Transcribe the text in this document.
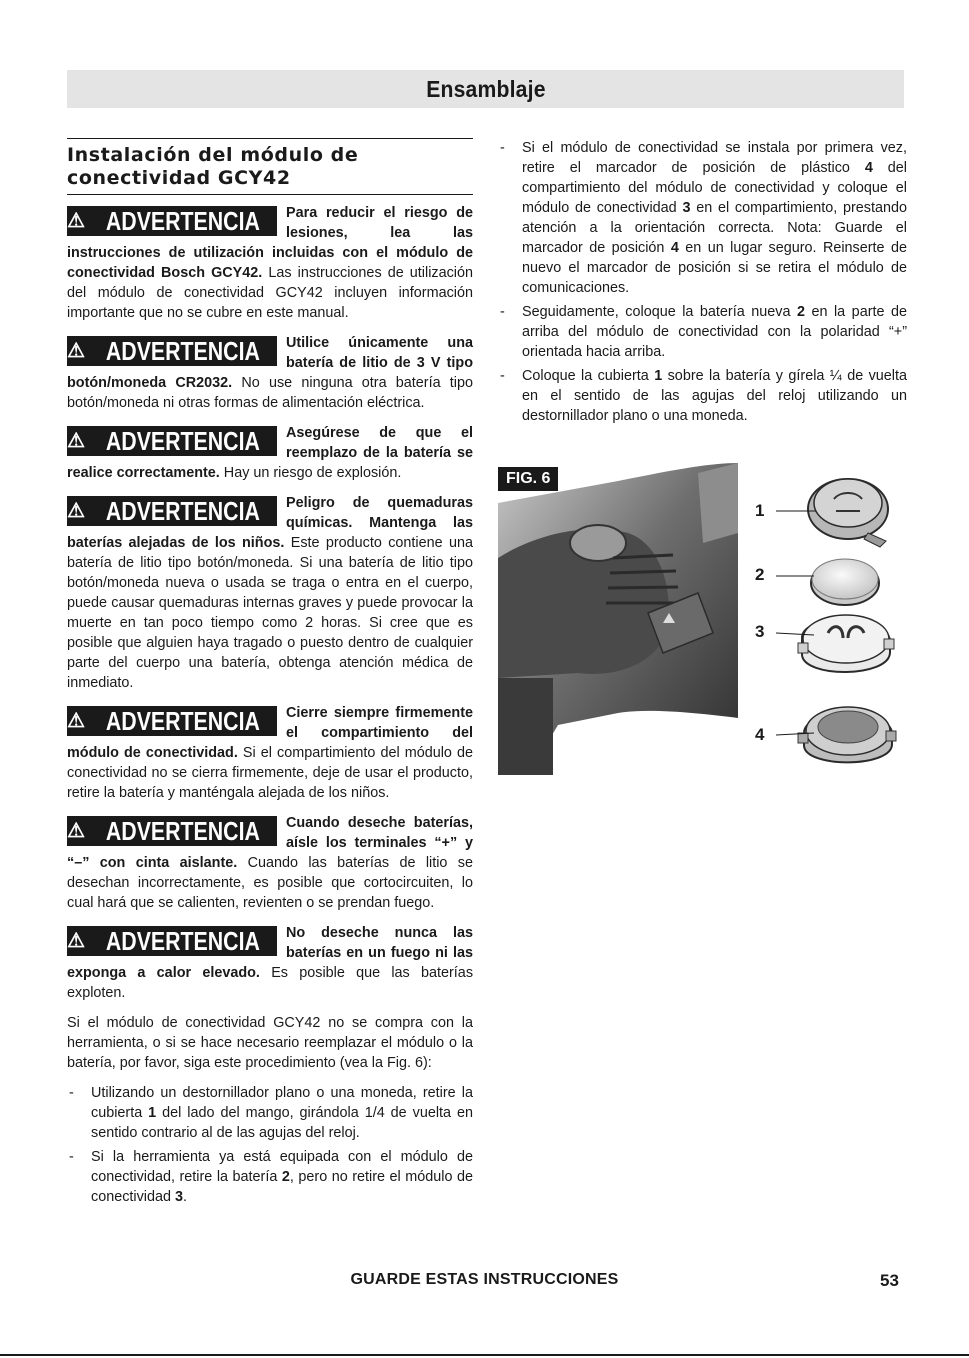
Ensamblaje
Instalación del módulo de conectividad GCY42

⚠ ADVERTENCIA Para reducir el riesgo de lesiones, lea las instrucciones de utilización incluidas con el módulo de conectividad Bosch GCY42. Las instrucciones de utilización del módulo de conectividad GCY42 incluyen información importante que no se cubre en este manual.

⚠ ADVERTENCIA Utilice únicamente una batería de litio de 3 V tipo botón/moneda CR2032. No use ninguna otra batería tipo botón/moneda ni otras formas de alimentación eléctrica.

⚠ ADVERTENCIA Asegúrese de que el reemplazo de la batería se realice correctamente. Hay un riesgo de explosión.

⚠ ADVERTENCIA Peligro de quemaduras químicas. Mantenga las baterías alejadas de los niños. Este producto contiene una batería de litio tipo botón/moneda. Si una batería de litio tipo botón/moneda nueva o usada se traga o entra en el cuerpo, puede causar quemaduras internas graves y puede provocar la muerte en tan poco tiempo como 2 horas. Si cree que es posible que alguien haya tragado o puesto dentro de cualquier parte del cuerpo una batería, obtenga atención médica de inmediato.

⚠ ADVERTENCIA Cierre siempre firmemente el compartimiento del módulo de conectividad. Si el compartimiento del módulo de conectividad no se cierra firmemente, deje de usar el producto, retire la batería y manténgala alejada de los niños.

⚠ ADVERTENCIA Cuando deseche baterías, aísle los terminales “+” y “–” con cinta aislante. Cuando las baterías de litio se desechan incorrectamente, es posible que cortocircuiten, lo cual hará que se calienten, revienten o se prendan fuego.

⚠ ADVERTENCIA No deseche nunca las baterías en un fuego ni las exponga a calor elevado. Es posible que las baterías exploten.

Si el módulo de conectividad GCY42 no se compra con la herramienta, o si se hace necesario reemplazar el módulo o la batería, por favor, siga este procedimiento (vea la Fig. 6):

- Utilizando un destornillador plano o una moneda, retire la cubierta 1 del lado del mango, girándola 1/4 de vuelta en sentido contrario al de las agujas del reloj.
- Si la herramienta ya está equipada con el módulo de conectividad, retire la batería 2, pero no retire el módulo de conectividad 3.
- Si el módulo de conectividad se instala por primera vez, retire el marcador de posición de plástico 4 del compartimiento del módulo de conectividad y coloque el módulo de conectividad 3 en el compartimiento, prestando atención a la orientación correcta. Nota: Guarde el marcador de posición 4 en un lugar seguro. Reinserte de nuevo el marcador de posición si se retira el módulo de comunicaciones.
- Seguidamente, coloque la batería nueva 2 en la parte de arriba del módulo de conectividad con la polaridad “+” orientada hacia arriba.
- Coloque la cubierta 1 sobre la batería y gírela ¼ de vuelta en el sentido de las agujas del reloj utilizando un destornillador plano o una moneda.
FIG. 6
1
2
3
4
GUARDE ESTAS INSTRUCCIONES	53
